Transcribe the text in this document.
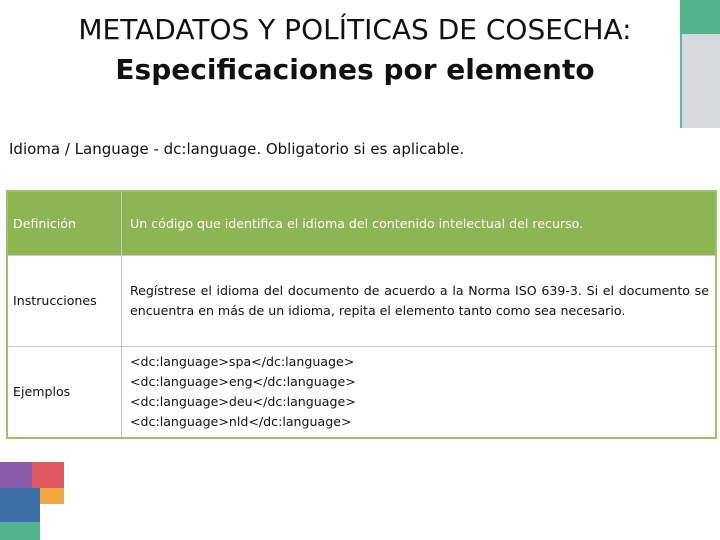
METADATOS Y POLÍTICAS DE COSECHA:
Especificaciones por elemento
Idioma / Language - dc:language. Obligatorio si es aplicable.
Definición	Un código que identifica el idioma del contenido intelectual del recurso.
Instrucciones	Regístrese el idioma del documento de acuerdo a la Norma ISO 639-3. Si el documento se encuentra en más de un idioma, repita el elemento tanto como sea necesario.
Ejemplos	<dc:language>spa</dc:language>
<dc:language>eng</dc:language>
<dc:language>deu</dc:language>
<dc:language>nld</dc:language>
